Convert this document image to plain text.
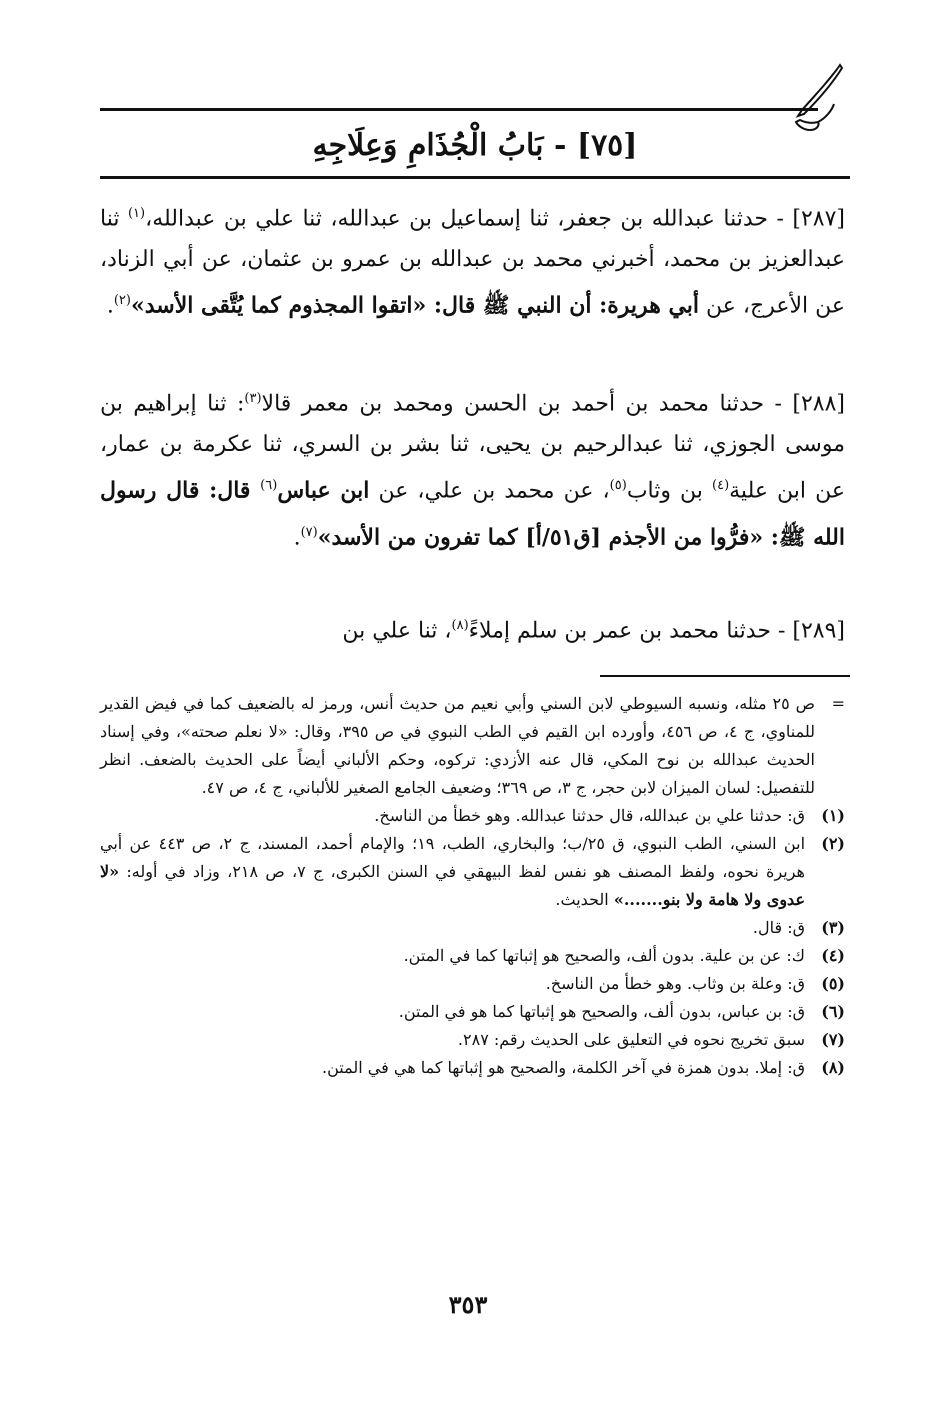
[٧٥] - بَابُ الْجُذَامِ وَعِلَاجِهِ
[٢٨٧] - حدثنا عبدالله بن جعفر، ثنا إسماعيل بن عبدالله، ثنا علي بن عبدالله،$^{(١)}$ ثنا عبدالعزيز بن محمد، أخبرني محمد بن عبدالله بن عمرو بن عثمان، عن أبي الزناد، عن الأعرج، عن أبي هريرة: أن النبي ﷺ قال: «اتقوا المجذوم كما يُتَّقى الأسد»$^{(٢)}$.
[٢٨٨] - حدثنا محمد بن أحمد بن الحسن ومحمد بن معمر قالا$^{(٣)}$: ثنا إبراهيم بن موسى الجوزي، ثنا عبدالرحيم بن يحيى، ثنا بشر بن السري، ثنا عكرمة بن عمار، عن ابن علية$^{(٤)}$ بن وثاب$^{(٥)}$، عن محمد بن علي، عن ابن عباس$^{(٦)}$ قال: قال رسول الله ﷺ: «فرُّوا من الأجذم [ق٥١/أ] كما تفرون من الأسد»$^{(٧)}$.
[٢٨٩] - حدثنا محمد بن عمر بن سلم إملاءً$^{(٨)}$، ثنا علي بن
=
ص ٢٥ مثله، ونسبه السيوطي لابن السني وأبي نعيم من حديث أنس، ورمز له بالضعيف كما في فيض القدير للمناوي، ج ٤، ص ٤٥٦، وأورده ابن القيم في الطب النبوي في ص ٣٩٥، وقال: «لا نعلم صحته»، وفي إسناد الحديث عبدالله بن نوح المكي، قال عنه الأزدي: تركوه، وحكم الألباني أيضاً على الحديث بالضعف. انظر للتفصيل: لسان الميزان لابن حجر، ج ٣، ص ٣٦٩؛ وضعيف الجامع الصغير للألباني، ج ٤، ص ٤٧.
(١)
ق: حدثنا علي بن عبدالله، قال حدثنا عبدالله. وهو خطأ من الناسخ.
(٢)
ابن السني، الطب النبوي، ق ٢٥/ب؛ والبخاري، الطب، ١٩؛ والإمام أحمد، المسند، ج ٢، ص ٤٤٣ عن أبي هريرة نحوه، ولفظ المصنف هو نفس لفظ البيهقي في السنن الكبرى، ج ٧، ص ٢١٨، وزاد في أوله: «لا عدوى ولا هامة ولا بنو.......» الحديث.
(٣)
ق: قال.
(٤)
ك: عن بن علية. بدون ألف، والصحيح هو إثباتها كما في المتن.
(٥)
ق: وعلة بن وثاب. وهو خطأ من الناسخ.
(٦)
ق: بن عباس، بدون ألف، والصحيح هو إثباتها كما هو في المتن.
(٧)
سبق تخريج نحوه في التعليق على الحديث رقم: ٢٨٧.
(٨)
ق: إملا. بدون همزة في آخر الكلمة، والصحيح هو إثباتها كما هي في المتن.
٣٥٣
